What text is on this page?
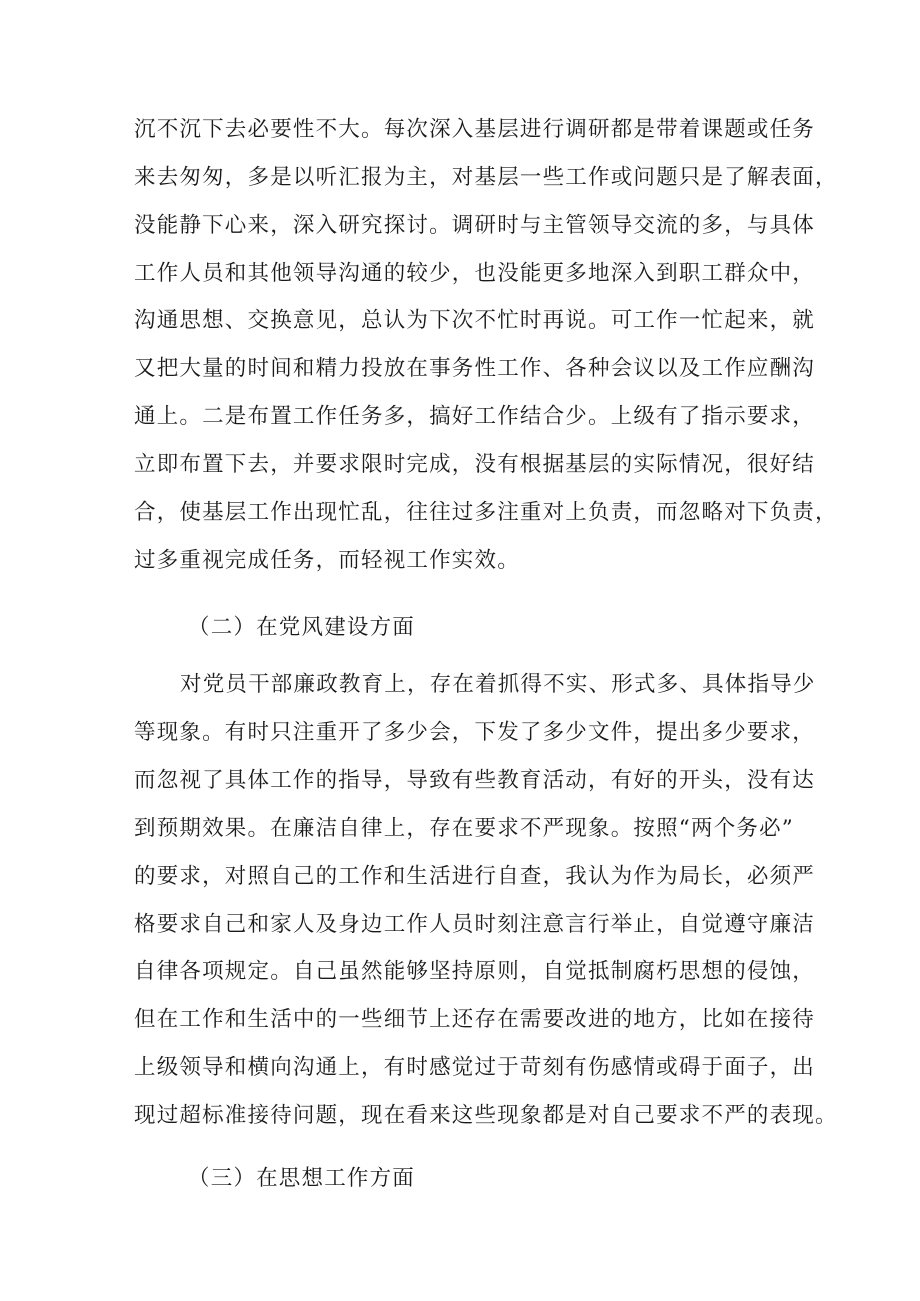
沉不沉下去必要性不大。每次深入基层进行调研都是带着课题或任务
来去匆匆，多是以听汇报为主，对基层一些工作或问题只是了解表面，
没能静下心来，深入研究探讨。调研时与主管领导交流的多，与具体
工作人员和其他领导沟通的较少，也没能更多地深入到职工群众中，
沟通思想、交换意见，总认为下次不忙时再说。可工作一忙起来，就
又把大量的时间和精力投放在事务性工作、各种会议以及工作应酬沟
通上。二是布置工作任务多，搞好工作结合少。上级有了指示要求，
立即布置下去，并要求限时完成，没有根据基层的实际情况，很好结
合，使基层工作出现忙乱，往往过多注重对上负责，而忽略对下负责，
过多重视完成任务，而轻视工作实效。
（二）在党风建设方面
对党员干部廉政教育上，存在着抓得不实、形式多、具体指导少
等现象。有时只注重开了多少会，下发了多少文件，提出多少要求，
而忽视了具体工作的指导，导致有些教育活动，有好的开头，没有达
到预期效果。在廉洁自律上，存在要求不严现象。按照“两个务必”
的要求，对照自己的工作和生活进行自查，我认为作为局长，必须严
格要求自己和家人及身边工作人员时刻注意言行举止，自觉遵守廉洁
自律各项规定。自己虽然能够坚持原则，自觉抵制腐朽思想的侵蚀，
但在工作和生活中的一些细节上还存在需要改进的地方，比如在接待
上级领导和横向沟通上，有时感觉过于苛刻有伤感情或碍于面子，出
现过超标准接待问题，现在看来这些现象都是对自己要求不严的表现。
（三）在思想工作方面
